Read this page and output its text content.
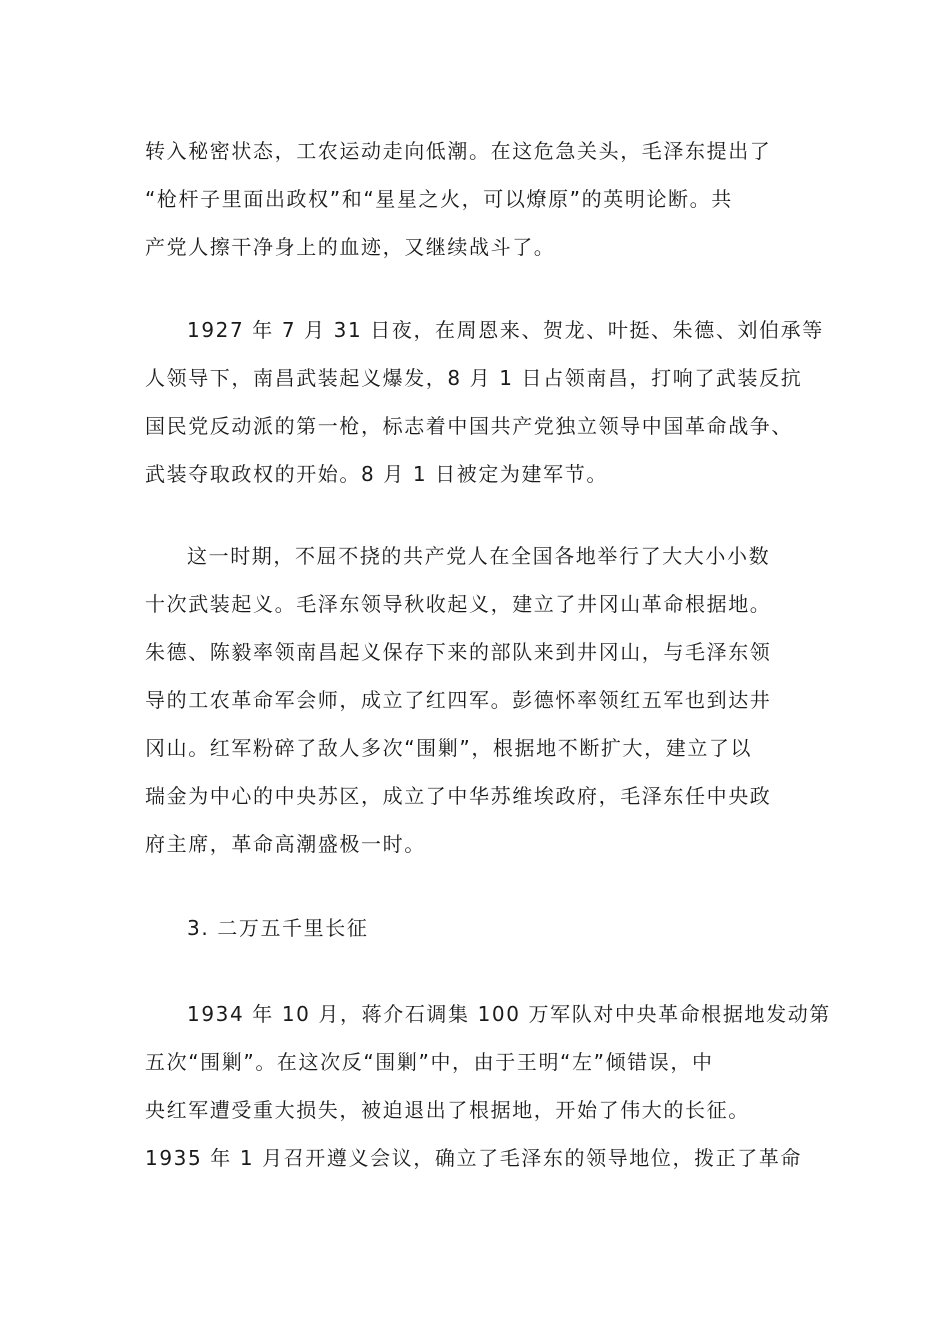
转入秘密状态，工农运动走向低潮。在这危急关头，毛泽东提出了
“枪杆子里面出政权”和“星星之火，可以燎原”的英明论断。共
产党人擦干净身上的血迹，又继续战斗了。
1927 年 7 月 31 日夜，在周恩来、贺龙、叶挺、朱德、刘伯承等
人领导下，南昌武装起义爆发，8 月 1 日占领南昌，打响了武装反抗
国民党反动派的第一枪，标志着中国共产党独立领导中国革命战争、
武装夺取政权的开始。8 月 1 日被定为建军节。
这一时期，不屈不挠的共产党人在全国各地举行了大大小小数
十次武装起义。毛泽东领导秋收起义，建立了井冈山革命根据地。
朱德、陈毅率领南昌起义保存下来的部队来到井冈山，与毛泽东领
导的工农革命军会师，成立了红四军。彭德怀率领红五军也到达井
冈山。红军粉碎了敌人多次“围剿”，根据地不断扩大，建立了以
瑞金为中心的中央苏区，成立了中华苏维埃政府，毛泽东任中央政
府主席，革命高潮盛极一时。
3. 二万五千里长征
1934 年 10 月，蒋介石调集 100 万军队对中央革命根据地发动第
五次“围剿”。在这次反“围剿”中，由于王明“左”倾错误，中
央红军遭受重大损失，被迫退出了根据地，开始了伟大的长征。
1935 年 1 月召开遵义会议，确立了毛泽东的领导地位，拨正了革命
